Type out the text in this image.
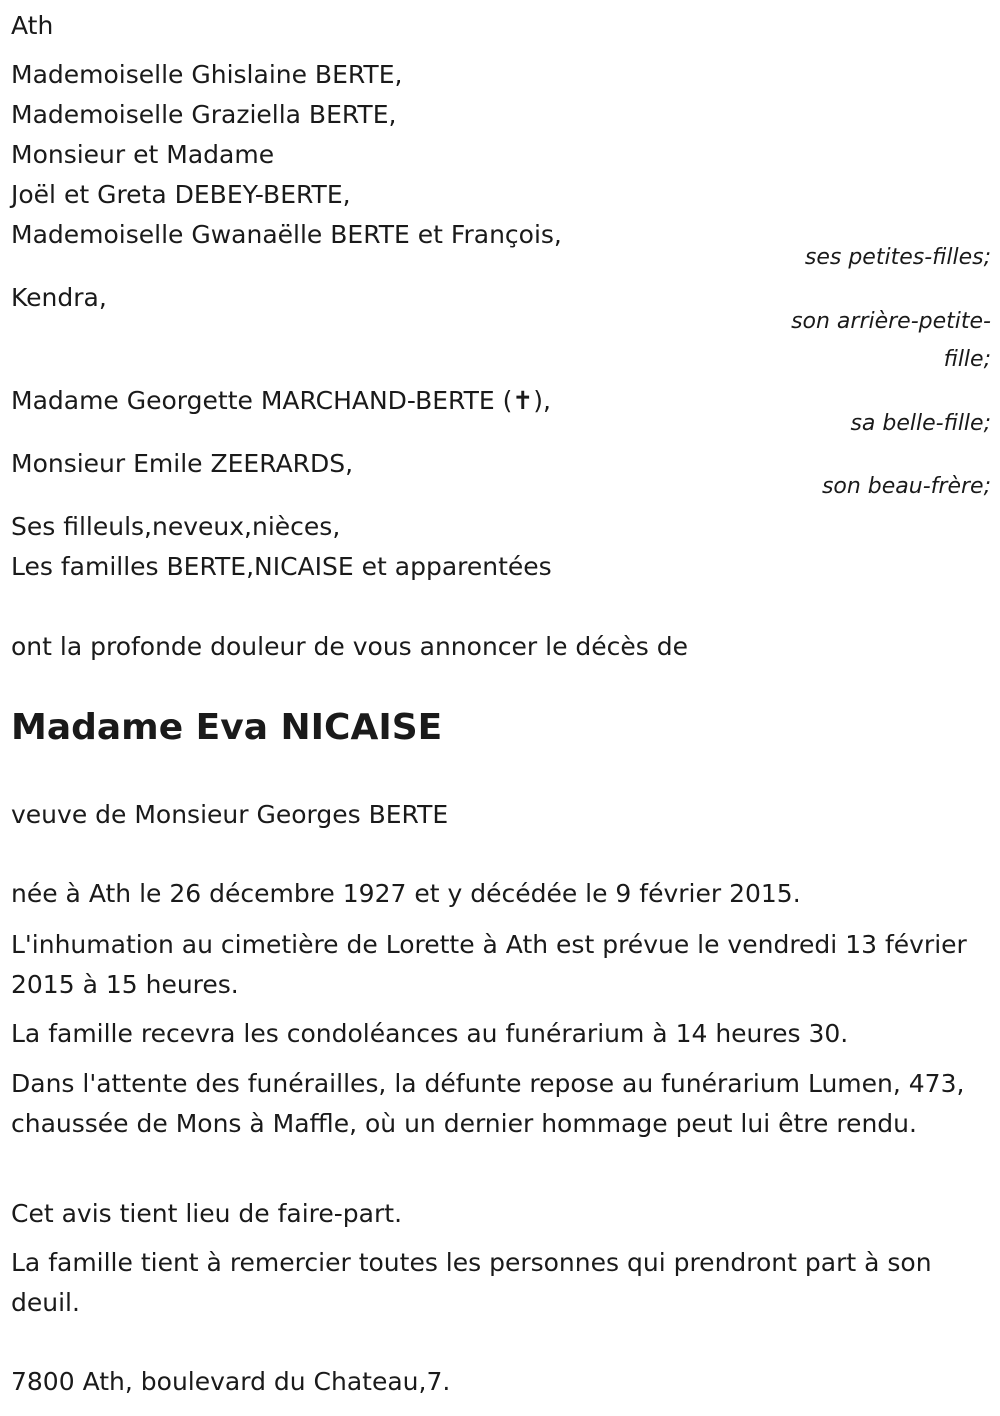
Ath
Mademoiselle Ghislaine BERTE,
Mademoiselle Graziella BERTE,
Monsieur et Madame
Joël et Greta DEBEY-BERTE,
Mademoiselle Gwanaëlle BERTE et François,
ses petites-filles;
Kendra,
son arrière-petite-
fille;
Madame Georgette MARCHAND-BERTE (✝),
sa belle-fille;
Monsieur Emile ZEERARDS,
son beau-frère;
Ses filleuls,neveux,nièces,
Les familles BERTE,NICAISE et apparentées
ont la profonde douleur de vous annoncer le décès de
Madame Eva NICAISE
veuve de Monsieur Georges BERTE
née à Ath le 26 décembre 1927 et y décédée le 9 février 2015.
L'inhumation au cimetière de Lorette à Ath est prévue le vendredi 13 février 2015 à 15 heures.
La famille recevra les condoléances au funérarium à 14 heures 30.
Dans l'attente des funérailles, la défunte repose au funérarium Lumen, 473, chaussée de Mons à Maffle, où un dernier hommage peut lui être rendu.
Cet avis tient lieu de faire-part.
La famille tient à remercier toutes les personnes qui prendront part à son deuil.
7800 Ath, boulevard du Chateau,7.
